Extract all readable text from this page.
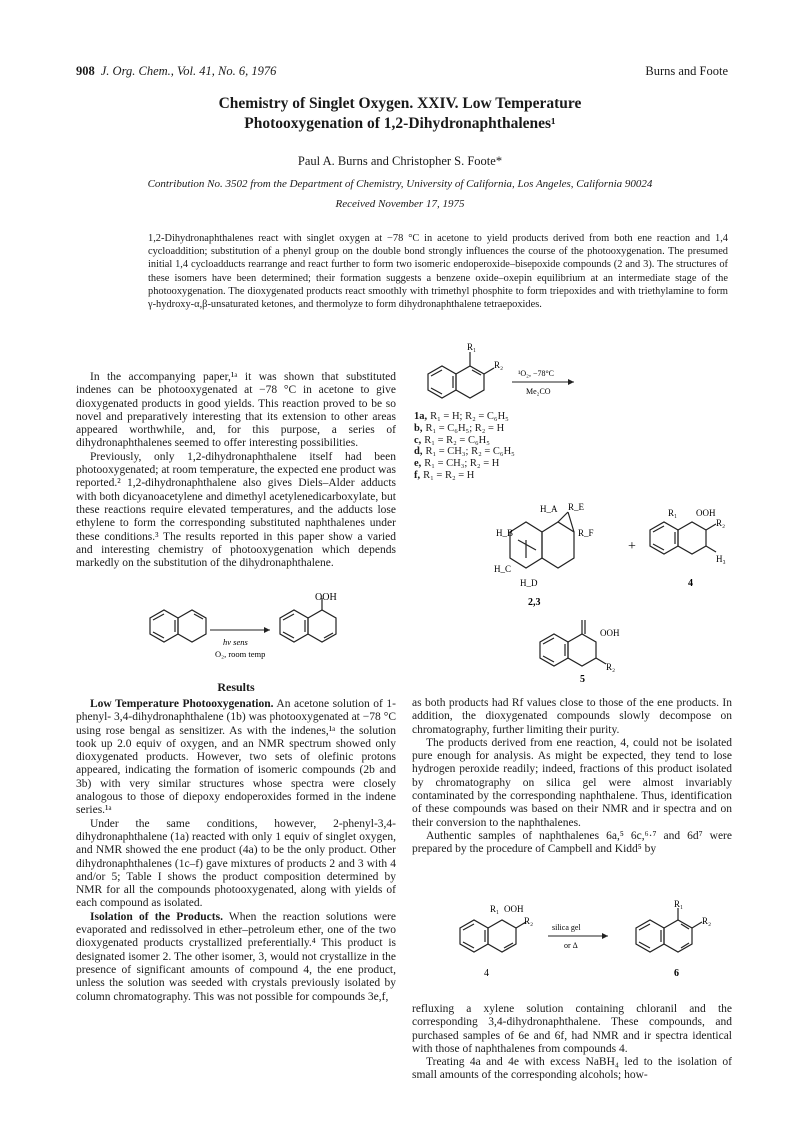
908 J. Org. Chem., Vol. 41, No. 6, 1976	Burns and Foote
Chemistry of Singlet Oxygen. XXIV. Low Temperature
Photooxygenation of 1,2-Dihydronaphthalenes¹
Paul A. Burns and Christopher S. Foote*
Contribution No. 3502 from the Department of Chemistry, University of California, Los Angeles, California 90024
Received November 17, 1975
1,2-Dihydronaphthalenes react with singlet oxygen at −78 °C in acetone to yield products derived from both ene reaction and 1,4 cycloaddition; substitution of a phenyl group on the double bond strongly influences the course of the photooxygenation. The presumed initial 1,4 cycloadducts rearrange and react further to form two isomeric endoperoxide–bisepoxide compounds (2 and 3). The structures of these isomers have been determined; their formation suggests a benzene oxide–oxepin equilibrium at an intermediate stage of the photooxygenation. The dioxygenated products react smoothly with trimethyl phosphite to form triepoxides and with triethylamine to form γ-hydroxy-α,β-unsaturated ketones, and thermolyze to form dihydronaphthalene tetraepoxides.

In the accompanying paper,¹ᵃ it was shown that substituted indenes can be photooxygenated at −78 °C in acetone to give dioxygenated products in good yields. This reaction proved to be so novel and preparatively interesting that its extension to other areas appeared worthwhile, and, for this purpose, a series of dihydronaphthalenes seemed to offer interesting possibilities.

Previously, only 1,2-dihydronaphthalene itself had been photooxygenated; at room temperature, the expected ene product was reported.² 1,2-dihydronaphthalene also gives Diels–Alder adducts with both dicyanoacetylene and dimethyl acetylenedicarboxylate, but these reactions require elevated temperatures, and the adducts lose ethylene to form the corresponding substituted naphthalenes under these conditions.³ The results reported in this paper show a varied and interesting chemistry of photooxygenation which depends markedly on the substitution of the dihydronaphthalene.

hν sens
O₂, room temp
OOH
Results

Low Temperature Photooxygenation. An acetone solution of 1-phenyl- 3,4-dihydronaphthalene (1b) was photooxygenated at −78 °C using rose bengal as sensitizer. As with the indenes,¹ᵃ the solution took up 2.0 equiv of oxygen, and an NMR spectrum showed only dioxygenated products. However, two sets of olefinic protons appeared, indicating the formation of isomeric compounds (2b and 3b) with very similar structures whose spectra were closely analogous to those of diepoxy endoperoxides formed in the indene series.¹ᵃ

Under the same conditions, however, 2-phenyl-3,4-dihydronaphthalene (1a) reacted with only 1 equiv of singlet oxygen, and NMR showed the ene product (4a) to be the only product. Other dihydronaphthalenes (1c–f) gave mixtures of products 2 and 3 with 4 and/or 5; Table I shows the product composition determined by NMR for all the compounds photooxygenated, along with yields of each compound as isolated.

Isolation of the Products. When the reaction solutions were evaporated and redissolved in ether–petroleum ether, one of the two dioxygenated products crystallized preferentially.⁴ This product is designated isomer 2. The other isomer, 3, would not crystallize in the presence of significant amounts of compound 4, the ene product, unless the solution was seeded with crystals previously isolated by column chromatography. This was not possible for compounds 3e,f,

R₁
R₂
¹O₂, −78°C
Me₂CO
1a, R₁ = H; R₂ = C₆H₅
b, R₁ = C₆H₅; R₂ = H
c, R₁ = R₂ = C₆H₅
d, R₁ = CH₃; R₂ = C₆H₅
e, R₁ = CH₃; R₂ = H
f, R₁ = R₂ = H
H_A R_E
H_B	R_F
H_C
H_D
2,3
+
R₁ OOH
R₂
H₃
4
OOH
R₂
5

as both products had Rf values close to those of the ene products. In addition, the dioxygenated compounds slowly decompose on chromatography, further limiting their purity.

The products derived from ene reaction, 4, could not be isolated pure enough for analysis. As might be expected, they tend to lose hydrogen peroxide readily; indeed, fractions of this product isolated by chromatography on silica gel were almost invariably contaminated by the corresponding naphthalene. Thus, identification of these compounds was based on their NMR and ir spectra and on their conversion to the naphthalenes.

Authentic samples of naphthalenes 6a,⁵ 6c,⁶·⁷ and 6d⁷ were prepared by the procedure of Campbell and Kidd⁵ by

R₁ OOH
R₂
4
silica gel
or Δ
R₁
R₂
6

refluxing a xylene solution containing chloranil and the corresponding 3,4-dihydronaphthalene. These compounds, and purchased samples of 6e and 6f, had NMR and ir spectra identical with those of naphthalenes from compounds 4.

Treating 4a and 4e with excess NaBH₄ led to the isolation of small amounts of the corresponding alcohols; how-
